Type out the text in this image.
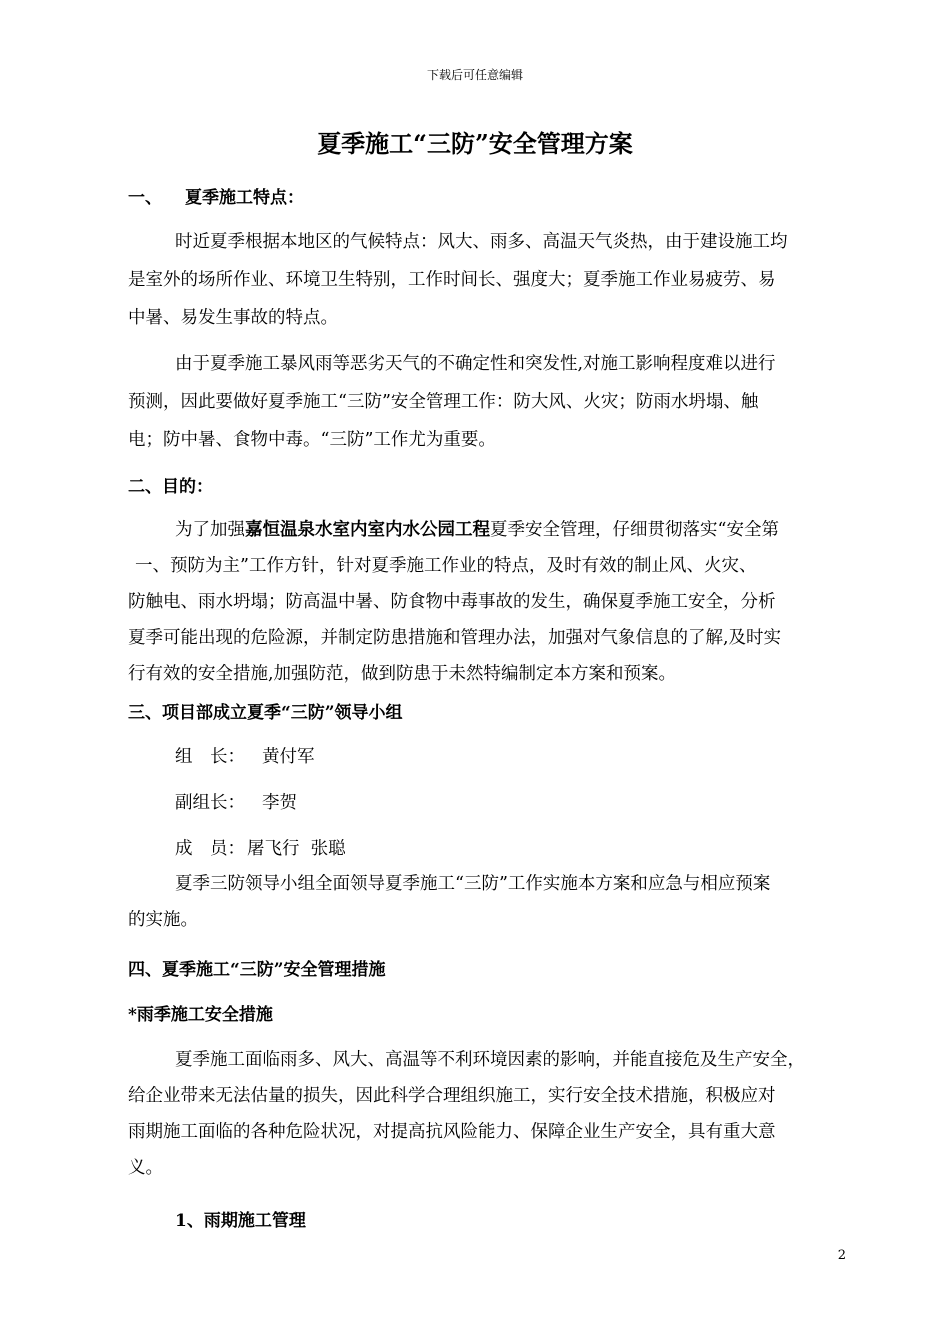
下载后可任意编辑
夏季施工“三防”安全管理方案
一、 夏季施工特点：
时近夏季根据本地区的气候特点：风大、雨多、高温天气炎热，由于建设施工均
是室外的场所作业、环境卫生特别，工作时间长、强度大；夏季施工作业易疲劳、易
中暑、易发生事故的特点。
由于夏季施工暴风雨等恶劣天气的不确定性和突发性,对施工影响程度难以进行
预测，因此要做好夏季施工“三防”安全管理工作：防大风、火灾；防雨水坍塌、触
电；防中暑、食物中毒。“三防”工作尤为重要。
二、目的：
为了加强嘉恒温泉水室内室内水公园工程夏季安全管理，仔细贯彻落实“安全第
一、预防为主”工作方针，针对夏季施工作业的特点，及时有效的制止风、火灾、
防触电、雨水坍塌；防高温中暑、防食物中毒事故的发生，确保夏季施工安全，分析
夏季可能出现的危险源，并制定防患措施和管理办法，加强对气象信息的了解,及时实
行有效的安全措施,加强防范，做到防患于未然特编制定本方案和预案。
三、项目部成立夏季“三防”领导小组
组　长： 黄付军
副组长： 李贺
成　员： 屠飞行  张聪
夏季三防领导小组全面领导夏季施工“三防”工作实施本方案和应急与相应预案
的实施。
四、夏季施工“三防”安全管理措施
*雨季施工安全措施
夏季施工面临雨多、风大、高温等不利环境因素的影响，并能直接危及生产安全，
给企业带来无法估量的损失，因此科学合理组织施工，实行安全技术措施，积极应对
雨期施工面临的各种危险状况，对提高抗风险能力、保障企业生产安全，具有重大意
义。
1、雨期施工管理
2
